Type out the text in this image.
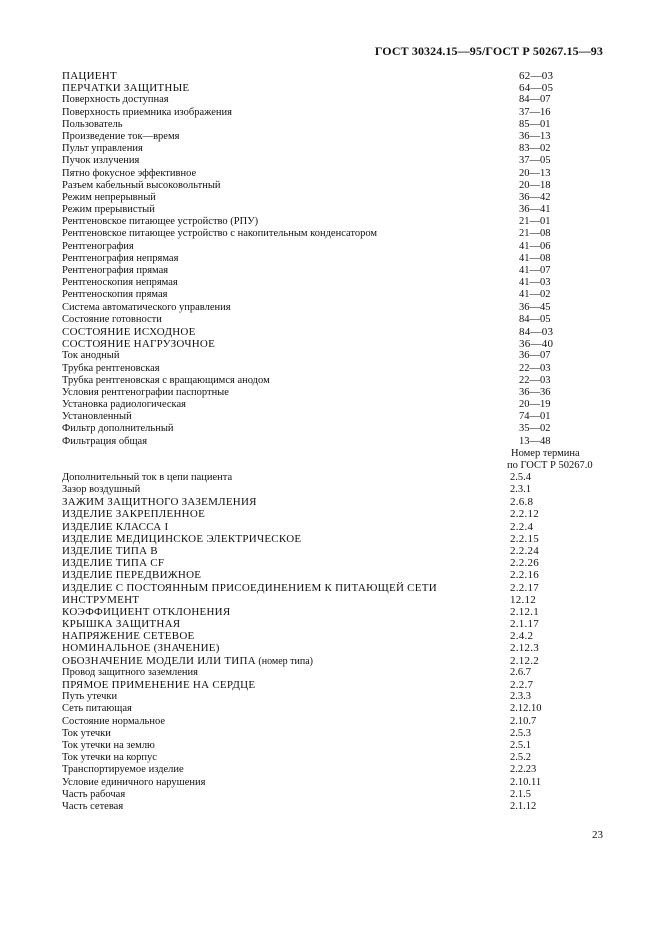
ГОСТ 30324.15—95/ГОСТ Р 50267.15—93
ПАЦИЕНТ	62—03
ПЕРЧАТКИ ЗАЩИТНЫЕ	64—05
Поверхность доступная	84—07
Поверхность приемника изображения	37—16
Пользователь	85—01
Произведение ток—время	36—13
Пульт управления	83—02
Пучок излучения	37—05
Пятно фокусное эффективное	20—13
Разъем кабельный высоковольтный	20—18
Режим непрерывный	36—42
Режим прерывистый	36—41
Рентгеновское питающее устройство (РПУ)	21—01
Рентгеновское питающее устройство с накопительным конденсатором	21—08
Рентгенография	41—06
Рентгенография непрямая	41—08
Рентгенография прямая	41—07
Рентгеноскопия непрямая	41—03
Рентгеноскопия прямая	41—02
Система автоматического управления	36—45
Состояние готовности	84—05
СОСТОЯНИЕ ИСХОДНОЕ	84—03
СОСТОЯНИЕ НАГРУЗОЧНОЕ	36—40
Ток анодный	36—07
Трубка рентгеновская	22—03
Трубка рентгеновская с вращающимся анодом	22—03
Условия рентгенографии паспортные	36—36
Установка радиологическая	20—19
Установленный	74—01
Фильтр дополнительный	35—02
Фильтрация общая	13—48
Номер термина
по ГОСТ Р 50267.0
Дополнительный ток в цепи пациента	2.5.4
Зазор воздушный	2.3.1
ЗАЖИМ ЗАЩИТНОГО ЗАЗЕМЛЕНИЯ	2.6.8
ИЗДЕЛИЕ ЗАКРЕПЛЕННОЕ	2.2.12
ИЗДЕЛИЕ КЛАССА I	2.2.4
ИЗДЕЛИЕ МЕДИЦИНСКОЕ ЭЛЕКТРИЧЕСКОЕ	2.2.15
ИЗДЕЛИЕ ТИПА В	2.2.24
ИЗДЕЛИЕ ТИПА CF	2.2.26
ИЗДЕЛИЕ ПЕРЕДВИЖНОЕ	2.2.16
ИЗДЕЛИЕ С ПОСТОЯННЫМ ПРИСОЕДИНЕНИЕМ К ПИТАЮЩЕЙ СЕТИ	2.2.17
ИНСТРУМЕНТ	12.12
КОЭФФИЦИЕНТ ОТКЛОНЕНИЯ	2.12.1
КРЫШКА ЗАЩИТНАЯ	2.1.17
НАПРЯЖЕНИЕ СЕТЕВОЕ	2.4.2
НОМИНАЛЬНОЕ (ЗНАЧЕНИЕ)	2.12.3
ОБОЗНАЧЕНИЕ МОДЕЛИ ИЛИ ТИПА (номер типа)	2.12.2
Провод защитного заземления	2.6.7
ПРЯМОЕ ПРИМЕНЕНИЕ НА СЕРДЦЕ	2.2.7
Путь утечки	2.3.3
Сеть питающая	2.12.10
Состояние нормальное	2.10.7
Ток утечки	2.5.3
Ток утечки на землю	2.5.1
Ток утечки на корпус	2.5.2
Транспортируемое изделие	2.2.23
Условие единичного нарушения	2.10.11
Часть рабочая	2.1.5
Часть сетевая	2.1.12
23
